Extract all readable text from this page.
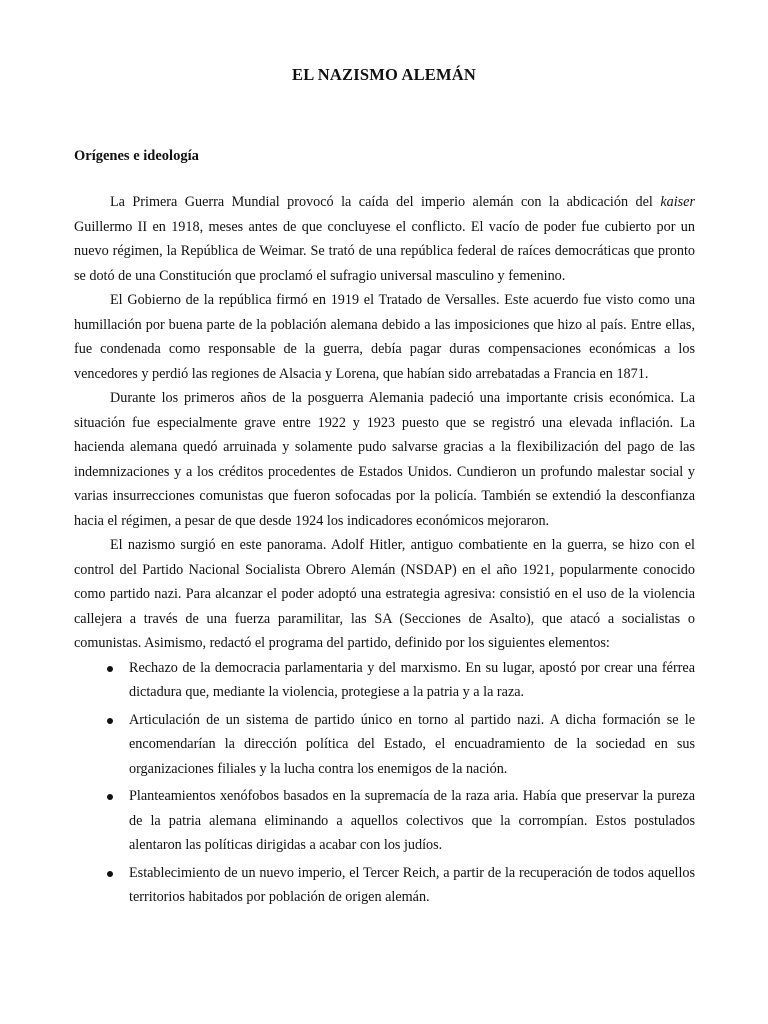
EL NAZISMO ALEMÁN
Orígenes e ideología

La Primera Guerra Mundial provocó la caída del imperio alemán con la abdicación del kaiser Guillermo II en 1918, meses antes de que concluyese el conflicto. El vacío de poder fue cubierto por un nuevo régimen, la República de Weimar. Se trató de una república federal de raíces democráticas que pronto se dotó de una Constitución que proclamó el sufragio universal masculino y femenino.

El Gobierno de la república firmó en 1919 el Tratado de Versalles. Este acuerdo fue visto como una humillación por buena parte de la población alemana debido a las imposiciones que hizo al país. Entre ellas, fue condenada como responsable de la guerra, debía pagar duras compensaciones económicas a los vencedores y perdió las regiones de Alsacia y Lorena, que habían sido arrebatadas a Francia en 1871.

Durante los primeros años de la posguerra Alemania padeció una importante crisis económica. La situación fue especialmente grave entre 1922 y 1923 puesto que se registró una elevada inflación. La hacienda alemana quedó arruinada y solamente pudo salvarse gracias a la flexibilización del pago de las indemnizaciones y a los créditos procedentes de Estados Unidos. Cundieron un profundo malestar social y varias insurrecciones comunistas que fueron sofocadas por la policía. También se extendió la desconfianza hacia el régimen, a pesar de que desde 1924 los indicadores económicos mejoraron.

El nazismo surgió en este panorama. Adolf Hitler, antiguo combatiente en la guerra, se hizo con el control del Partido Nacional Socialista Obrero Alemán (NSDAP) en el año 1921, popularmente conocido como partido nazi. Para alcanzar el poder adoptó una estrategia agresiva: consistió en el uso de la violencia callejera a través de una fuerza paramilitar, las SA (Secciones de Asalto), que atacó a socialistas o comunistas. Asimismo, redactó el programa del partido, definido por los siguientes elementos:

Rechazo de la democracia parlamentaria y del marxismo. En su lugar, apostó por crear una férrea dictadura que, mediante la violencia, protegiese a la patria y a la raza.
Articulación de un sistema de partido único en torno al partido nazi. A dicha formación se le encomendarían la dirección política del Estado, el encuadramiento de la sociedad en sus organizaciones filiales y la lucha contra los enemigos de la nación.
Planteamientos xenófobos basados en la supremacía de la raza aria. Había que preservar la pureza de la patria alemana eliminando a aquellos colectivos que la corrompían. Estos postulados alentaron las políticas dirigidas a acabar con los judíos.
Establecimiento de un nuevo imperio, el Tercer Reich, a partir de la recuperación de todos aquellos territorios habitados por población de origen alemán.
